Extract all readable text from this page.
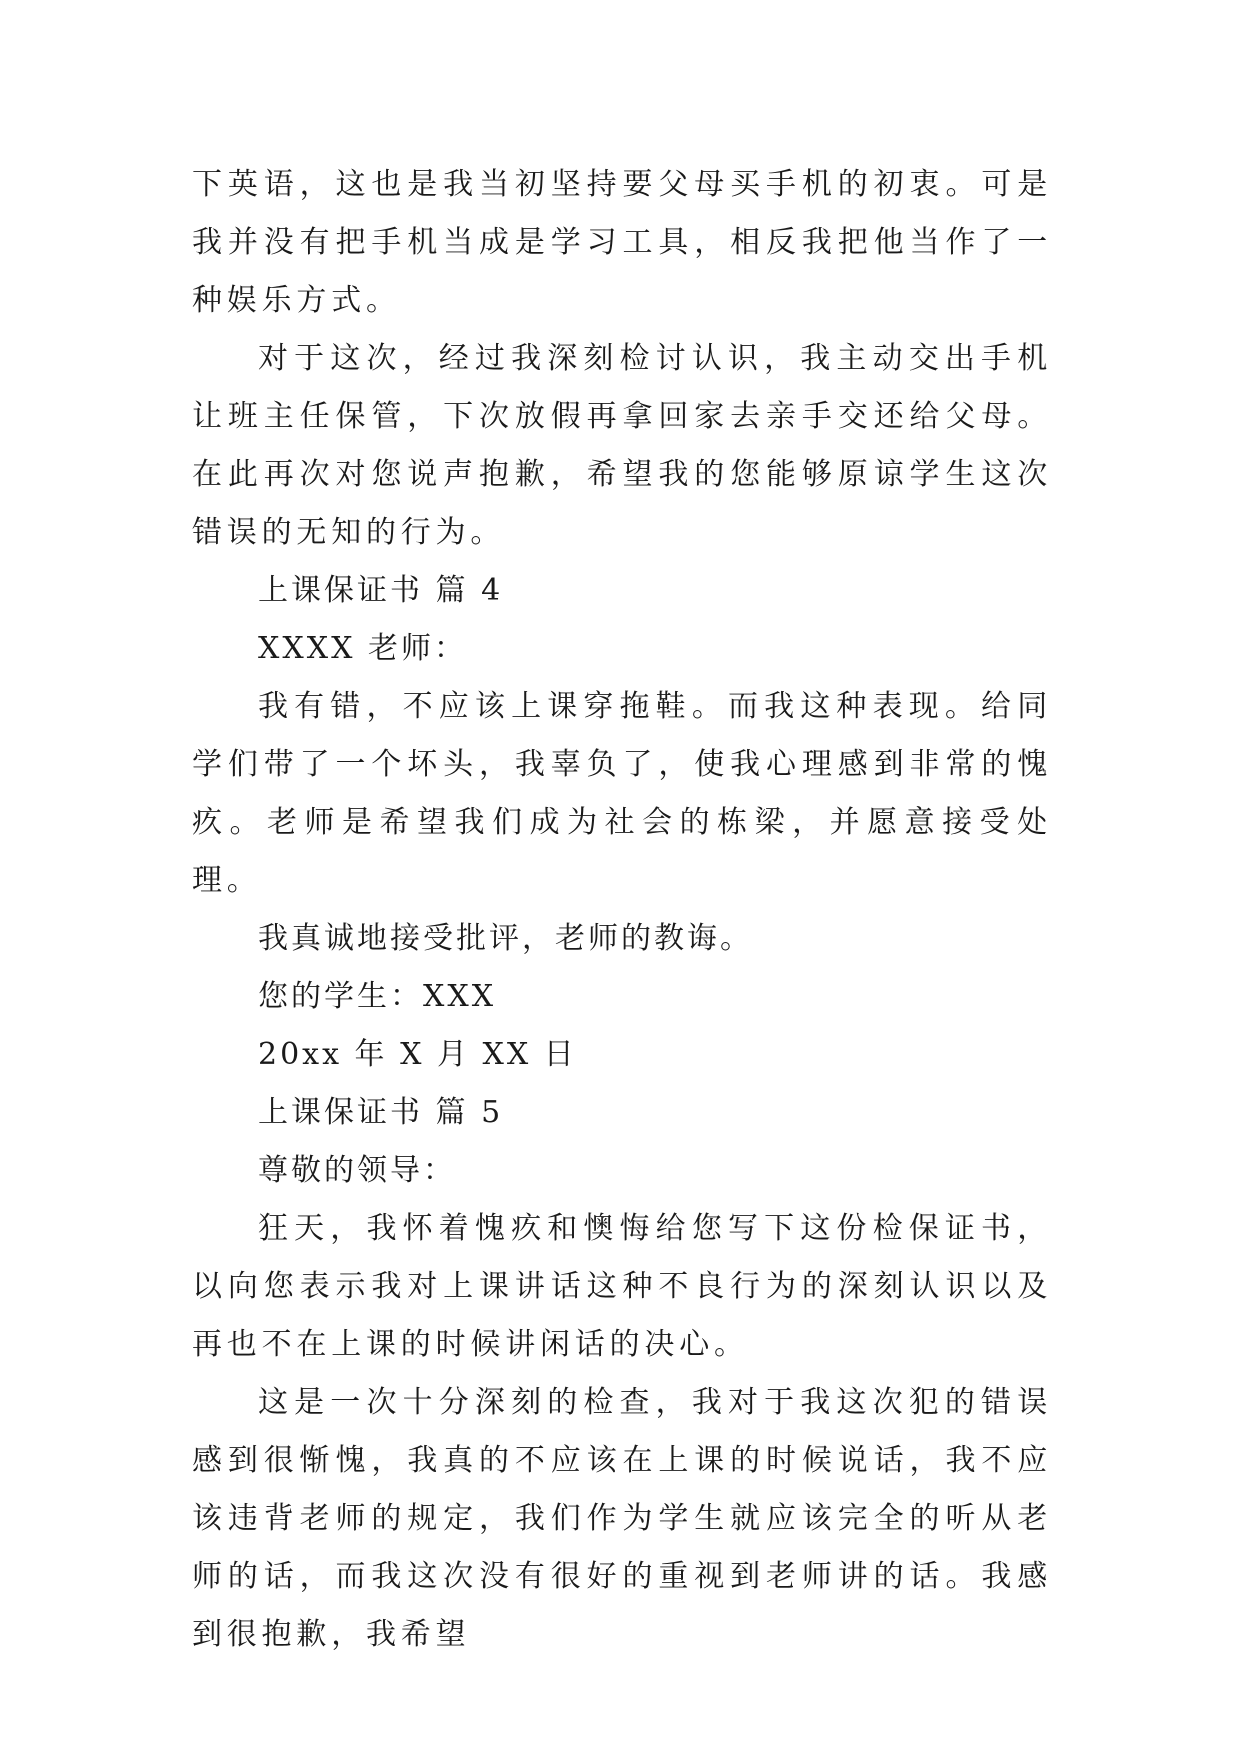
下英语，这也是我当初坚持要父母买手机的初衷。可是我并没有把手机当成是学习工具，相反我把他当作了一种娱乐方式。

对于这次，经过我深刻检讨认识，我主动交出手机让班主任保管，下次放假再拿回家去亲手交还给父母。在此再次对您说声抱歉，希望我的您能够原谅学生这次错误的无知的行为。

上课保证书 篇 4

XXXX 老师：

我有错，不应该上课穿拖鞋。而我这种表现。给同学们带了一个坏头，我辜负了，使我心理感到非常的愧疚。老师是希望我们成为社会的栋梁，并愿意接受处理。

我真诚地接受批评，老师的教诲。

您的学生：XXX

20xx 年 X 月 XX 日

上课保证书 篇 5

尊敬的领导：

狂天，我怀着愧疚和懊悔给您写下这份检保证书，以向您表示我对上课讲话这种不良行为的深刻认识以及再也不在上课的时候讲闲话的决心。

这是一次十分深刻的检查，我对于我这次犯的错误感到很惭愧，我真的不应该在上课的时候说话，我不应该违背老师的规定，我们作为学生就应该完全的听从老师的话，而我这次没有很好的重视到老师讲的话。我感到很抱歉，我希望
